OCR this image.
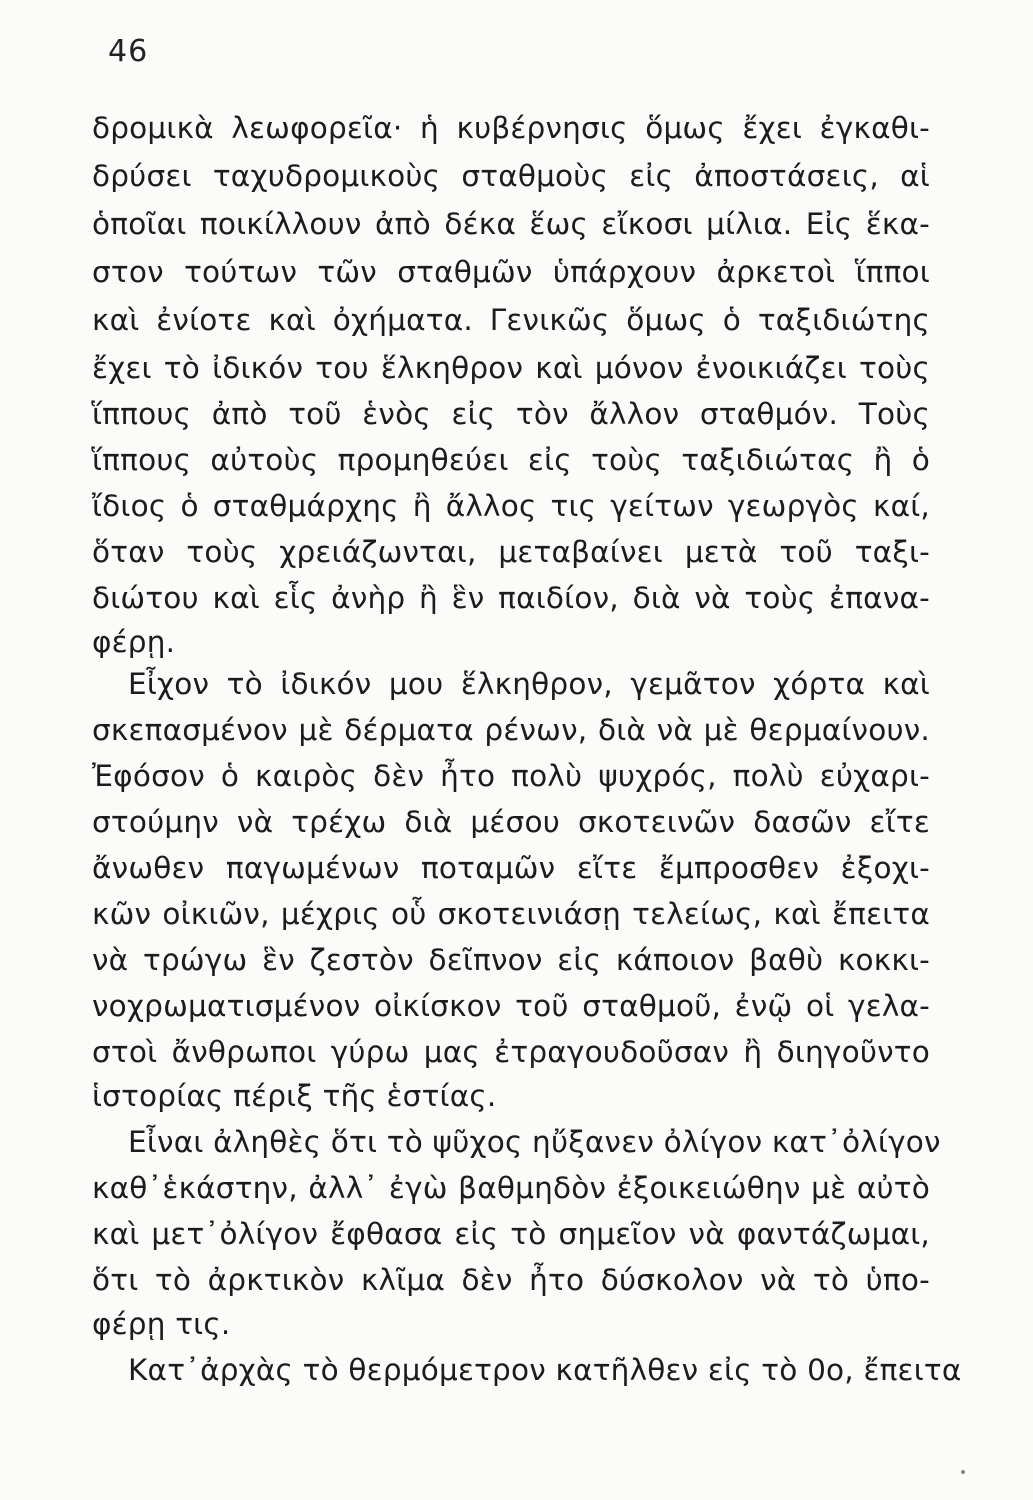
46
δρομικὰ λεωφορεῖα· ἡ κυβέρνησις ὅμως ἔχει ἐγκαθι-
δρύσει ταχυδρομικοὺς σταθμοὺς εἰς ἀποστάσεις, αἱ
ὁποῖαι ποικίλλουν ἀπὸ δέκα ἕως εἴκοσι μίλια. Εἰς ἕκα-
στον τούτων τῶν σταθμῶν ὑπάρχουν ἀρκετοὶ ἵπποι
καὶ ἐνίοτε καὶ ὀχήματα. Γενικῶς ὅμως ὁ ταξιδιώτης
ἔχει τὸ ἰδικόν του ἕλκηθρον καὶ μόνον ἐνοικιάζει τοὺς
ἵππους ἀπὸ τοῦ ἑνὸς εἰς τὸν ἄλλον σταθμόν. Τοὺς
ἵππους αὐτοὺς προμηθεύει εἰς τοὺς ταξιδιώτας ἢ ὁ
ἴδιος ὁ σταθμάρχης ἢ ἄλλος τις γείτων γεωργὸς καί,
ὅταν τοὺς χρειάζωνται, μεταβαίνει μετὰ τοῦ ταξι-
διώτου καὶ εἷς ἀνὴρ ἢ ἓν παιδίον, διὰ νὰ τοὺς ἐπανα-
φέρῃ.
Εἶχον τὸ ἰδικόν μου ἕλκηθρον, γεμᾶτον χόρτα καὶ
σκεπασμένον μὲ δέρματα ρένων, διὰ νὰ μὲ θερμαίνουν.
Ἐφόσον ὁ καιρὸς δὲν ἦτο πολὺ ψυχρός, πολὺ εὐχαρι-
στούμην νὰ τρέχω διὰ μέσου σκοτεινῶν δασῶν εἴτε
ἄνωθεν παγωμένων ποταμῶν εἴτε ἔμπροσθεν ἐξοχι-
κῶν οἰκιῶν, μέχρις οὗ σκοτεινιάσῃ τελείως, καὶ ἔπειτα
νὰ τρώγω ἓν ζεστὸν δεῖπνον εἰς κάποιον βαθὺ κοκκι-
νοχρωματισμένον οἰκίσκον τοῦ σταθμοῦ, ἐνῷ οἱ γελα-
στοὶ ἄνθρωποι γύρω μας ἐτραγουδοῦσαν ἢ διηγοῦντο
ἱστορίας πέριξ τῆς ἑστίας.
Εἶναι ἀληθὲς ὅτι τὸ ψῦχος ηὔξανεν ὀλίγον κατ᾽ὀλίγον
καθ᾽ἑκάστην, ἀλλ᾽ ἐγὼ βαθμηδὸν ἐξοικειώθην μὲ αὐτὸ
καὶ μετ᾽ὀλίγον ἔφθασα εἰς τὸ σημεῖον νὰ φαντάζωμαι,
ὅτι τὸ ἀρκτικὸν κλῖμα δὲν ἦτο δύσκολον νὰ τὸ ὑπο-
φέρῃ τις.
Κατ᾽ἀρχὰς τὸ θερμόμετρον κατῆλθεν εἰς τὸ 0ο, ἔπειτα
